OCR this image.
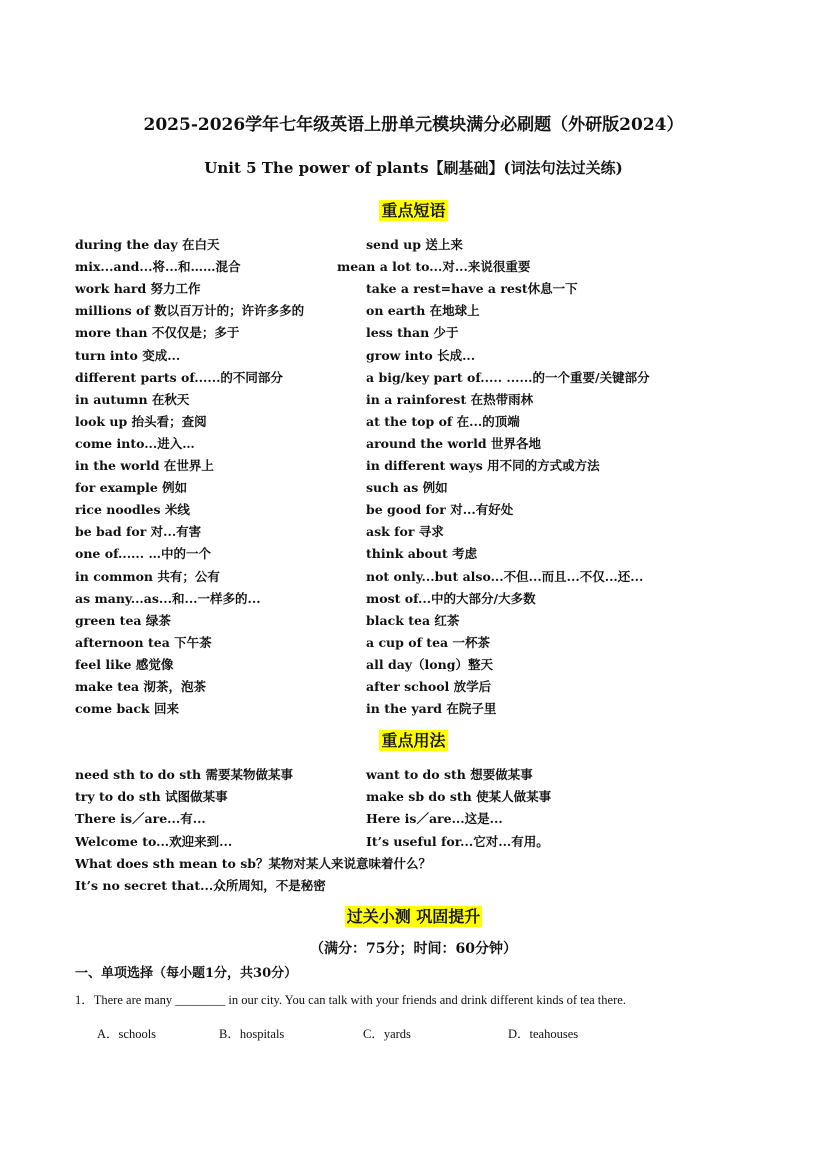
2025-2026学年七年级英语上册单元模块满分必刷题（外研版2024）
Unit 5 The power of plants【刷基础】(词法句法过关练)
重点短语
during the day 在白天	send up 送上来
mix...and...将...和……混合	mean a lot to...对...来说很重要
work hard 努力工作	take a rest=have a rest休息一下
millions of 数以百万计的；许许多多的	on earth 在地球上
more than 不仅仅是；多于	less than 少于
turn into 变成...	grow into 长成...
different parts of......的不同部分	a big/key part of..... ......的一个重要/关键部分
in autumn 在秋天	in a rainforest 在热带雨林
look up 抬头看；查阅	at the top of 在...的顶端
come into...进入…	around the world 世界各地
in the world 在世界上	in different ways 用不同的方式或方法
for example 例如	such as 例如
rice noodles 米线	be good for 对...有好处
be bad for 对...有害	ask for 寻求
one of...... …中的一个	think about 考虑
in common 共有；公有	not only...but also...不但...而且...不仅...还...
as many...as...和...一样多的...	most of...中的大部分/大多数
green tea 绿茶	black tea 红茶
afternoon tea 下午茶	a cup of tea 一杯茶
feel like 感觉像	all day（long）整天
make tea 沏茶，泡茶	after school 放学后
come back 回来	in the yard 在院子里
重点用法
need sth to do sth 需要某物做某事	want to do sth 想要做某事
try to do sth 试图做某事	make sb do sth 使某人做某事
There is／are...有...	Here is／are...这是...
Welcome to...欢迎来到...	It’s useful for...它对...有用。
What does sth mean to sb？某物对某人来说意味着什么？
It’s no secret that...众所周知，不是秘密
过关小测 巩固提升
（满分：75分；时间：60分钟）
一、单项选择（每小题1分，共30分）
1．There are many ________ in our city. You can talk with your friends and drink different kinds of tea there.
A．schools	B．hospitals	C．yards	D．teahouses
